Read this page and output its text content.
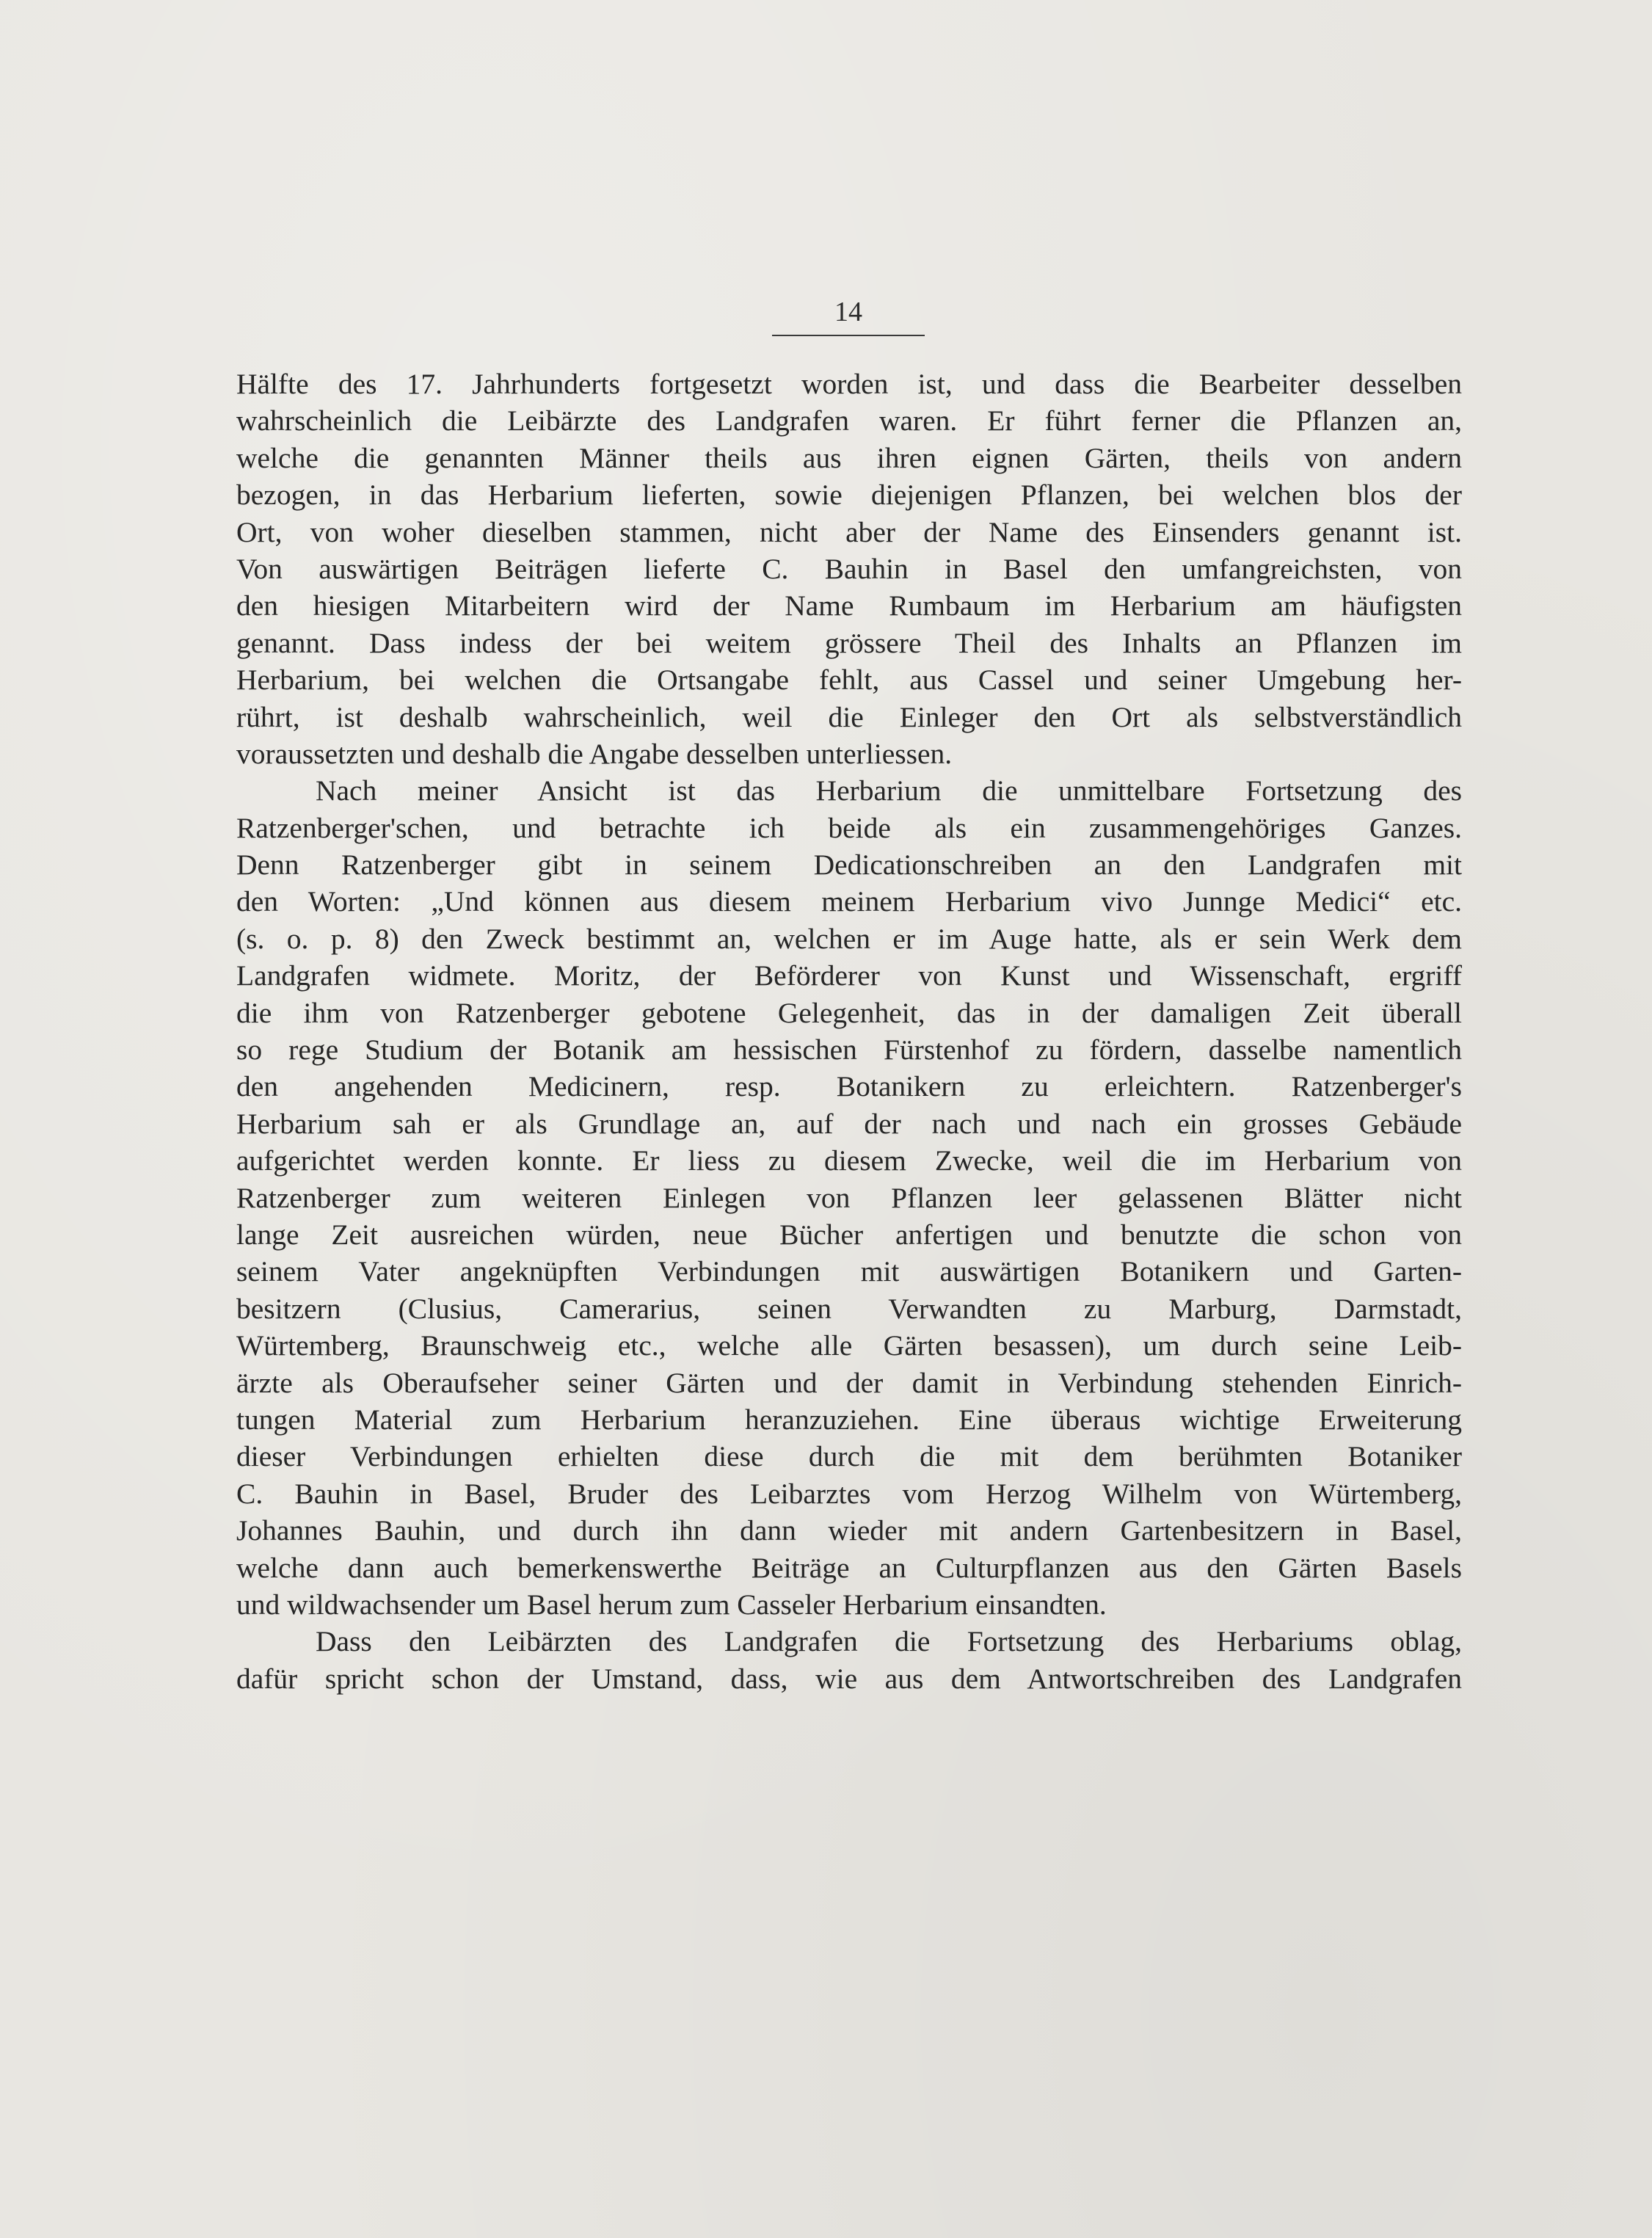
14
Hälfte des 17. Jahrhunderts fortgesetzt worden ist, und dass die Bearbeiter desselben
wahrscheinlich die Leibärzte des Landgrafen waren. Er führt ferner die Pflanzen an,
welche die genannten Männer theils aus ihren eignen Gärten, theils von andern
bezogen, in das Herbarium lieferten, sowie diejenigen Pflanzen, bei welchen blos der
Ort, von woher dieselben stammen, nicht aber der Name des Einsenders genannt ist.
Von auswärtigen Beiträgen lieferte C. Bauhin in Basel den umfangreichsten, von
den hiesigen Mitarbeitern wird der Name Rumbaum im Herbarium am häufigsten
genannt. Dass indess der bei weitem grössere Theil des Inhalts an Pflanzen im
Herbarium, bei welchen die Ortsangabe fehlt, aus Cassel und seiner Umgebung her-
rührt, ist deshalb wahrscheinlich, weil die Einleger den Ort als selbstverständlich
voraussetzten und deshalb die Angabe desselben unterliessen.
Nach meiner Ansicht ist das Herbarium die unmittelbare Fortsetzung des
Ratzenberger'schen, und betrachte ich beide als ein zusammengehöriges Ganzes.
Denn Ratzenberger gibt in seinem Dedicationschreiben an den Landgrafen mit
den Worten: „Und können aus diesem meinem Herbarium vivo Junnge Medici“ etc.
(s. o. p. 8) den Zweck bestimmt an, welchen er im Auge hatte, als er sein Werk dem
Landgrafen widmete. Moritz, der Beförderer von Kunst und Wissenschaft, ergriff
die ihm von Ratzenberger gebotene Gelegenheit, das in der damaligen Zeit überall
so rege Studium der Botanik am hessischen Fürstenhof zu fördern, dasselbe namentlich
den angehenden Medicinern, resp. Botanikern zu erleichtern. Ratzenberger's
Herbarium sah er als Grundlage an, auf der nach und nach ein grosses Gebäude
aufgerichtet werden konnte. Er liess zu diesem Zwecke, weil die im Herbarium von
Ratzenberger zum weiteren Einlegen von Pflanzen leer gelassenen Blätter nicht
lange Zeit ausreichen würden, neue Bücher anfertigen und benutzte die schon von
seinem Vater angeknüpften Verbindungen mit auswärtigen Botanikern und Garten-
besitzern (Clusius, Camerarius, seinen Verwandten zu Marburg, Darmstadt,
Würtemberg, Braunschweig etc., welche alle Gärten besassen), um durch seine Leib-
ärzte als Oberaufseher seiner Gärten und der damit in Verbindung stehenden Einrich-
tungen Material zum Herbarium heranzuziehen. Eine überaus wichtige Erweiterung
dieser Verbindungen erhielten diese durch die mit dem berühmten Botaniker
C. Bauhin in Basel, Bruder des Leibarztes vom Herzog Wilhelm von Würtemberg,
Johannes Bauhin, und durch ihn dann wieder mit andern Gartenbesitzern in Basel,
welche dann auch bemerkenswerthe Beiträge an Culturpflanzen aus den Gärten Basels
und wildwachsender um Basel herum zum Casseler Herbarium einsandten.
Dass den Leibärzten des Landgrafen die Fortsetzung des Herbariums oblag,
dafür spricht schon der Umstand, dass, wie aus dem Antwortschreiben des Landgrafen
